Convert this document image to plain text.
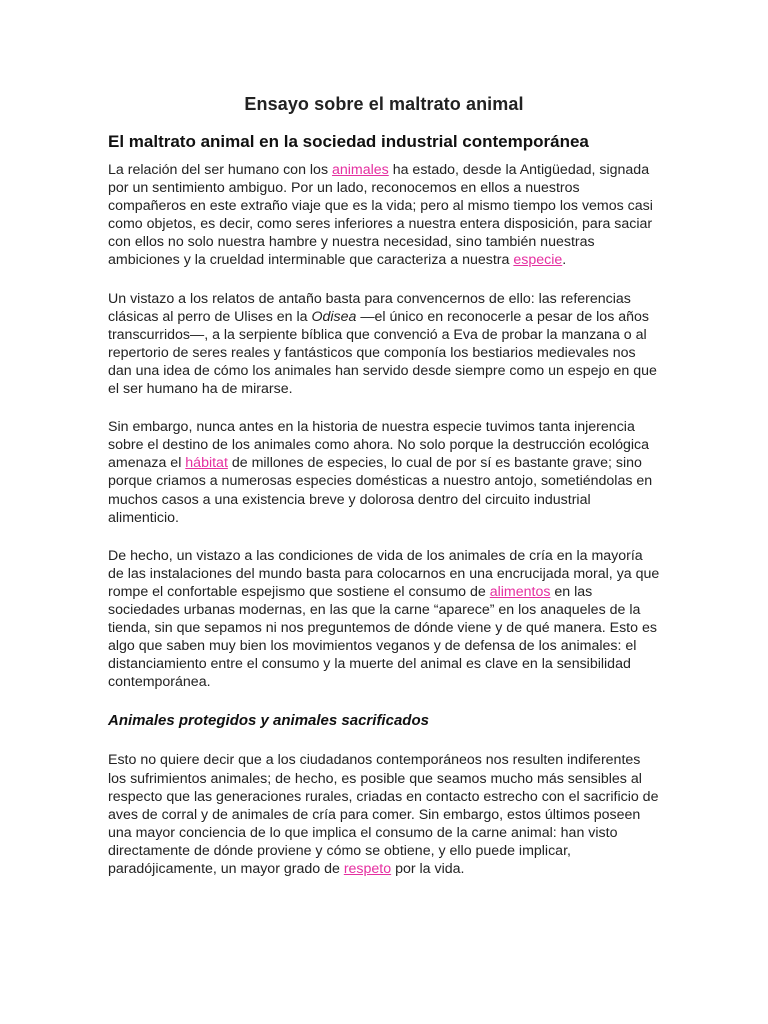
Ensayo sobre el maltrato animal
El maltrato animal en la sociedad industrial contemporánea

La relación del ser humano con los animales ha estado, desde la Antigüedad, signada por un sentimiento ambiguo. Por un lado, reconocemos en ellos a nuestros compañeros en este extraño viaje que es la vida; pero al mismo tiempo los vemos casi como objetos, es decir, como seres inferiores a nuestra entera disposición, para saciar con ellos no solo nuestra hambre y nuestra necesidad, sino también nuestras ambiciones y la crueldad interminable que caracteriza a nuestra especie.

Un vistazo a los relatos de antaño basta para convencernos de ello: las referencias clásicas al perro de Ulises en la Odisea —el único en reconocerle a pesar de los años transcurridos—, a la serpiente bíblica que convenció a Eva de probar la manzana o al repertorio de seres reales y fantásticos que componía los bestiarios medievales nos dan una idea de cómo los animales han servido desde siempre como un espejo en que el ser humano ha de mirarse.

Sin embargo, nunca antes en la historia de nuestra especie tuvimos tanta injerencia sobre el destino de los animales como ahora. No solo porque la destrucción ecológica amenaza el hábitat de millones de especies, lo cual de por sí es bastante grave; sino porque criamos a numerosas especies domésticas a nuestro antojo, sometiéndolas en muchos casos a una existencia breve y dolorosa dentro del circuito industrial alimenticio.

De hecho, un vistazo a las condiciones de vida de los animales de cría en la mayoría de las instalaciones del mundo basta para colocarnos en una encrucijada moral, ya que rompe el confortable espejismo que sostiene el consumo de alimentos en las sociedades urbanas modernas, en las que la carne “aparece” en los anaqueles de la tienda, sin que sepamos ni nos preguntemos de dónde viene y de qué manera. Esto es algo que saben muy bien los movimientos veganos y de defensa de los animales: el distanciamiento entre el consumo y la muerte del animal es clave en la sensibilidad contemporánea.

Animales protegidos y animales sacrificados

Esto no quiere decir que a los ciudadanos contemporáneos nos resulten indiferentes los sufrimientos animales; de hecho, es posible que seamos mucho más sensibles al respecto que las generaciones rurales, criadas en contacto estrecho con el sacrificio de aves de corral y de animales de cría para comer. Sin embargo, estos últimos poseen una mayor conciencia de lo que implica el consumo de la carne animal: han visto directamente de dónde proviene y cómo se obtiene, y ello puede implicar, paradójicamente, un mayor grado de respeto por la vida.
